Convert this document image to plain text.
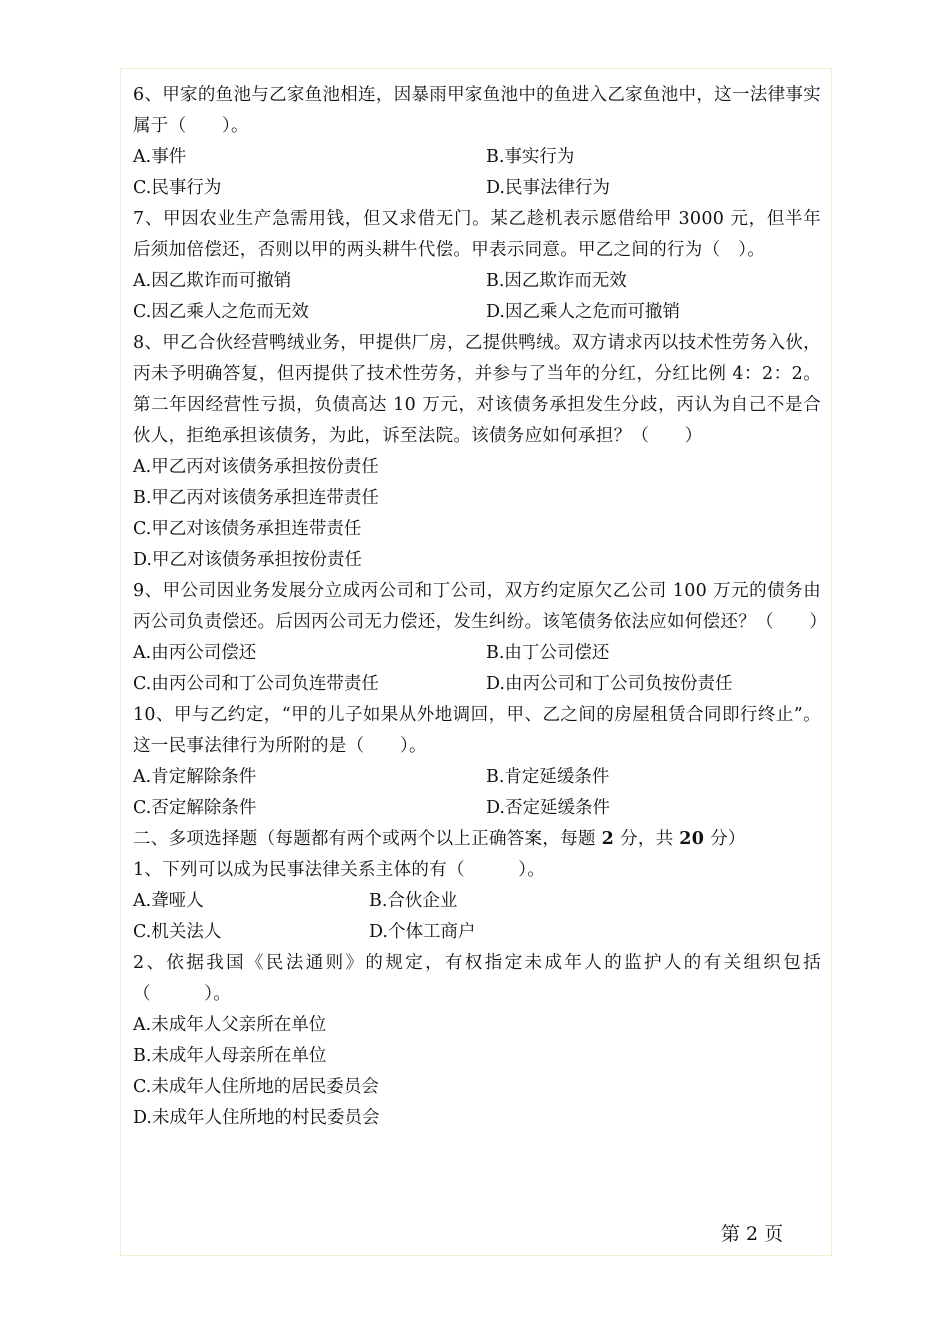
6、甲家的鱼池与乙家鱼池相连，因暴雨甲家鱼池中的鱼进入乙家鱼池中，这一法律事实属于（　　）。

A.事件	B.事实行为
C.民事行为	D.民事法律行为

7、甲因农业生产急需用钱，但又求借无门。某乙趁机表示愿借给甲 3000 元，但半年后须加倍偿还，否则以甲的两头耕牛代偿。甲表示同意。甲乙之间的行为（　）。

A.因乙欺诈而可撤销	B.因乙欺诈而无效
C.因乙乘人之危而无效	D.因乙乘人之危而可撤销

8、甲乙合伙经营鸭绒业务，甲提供厂房，乙提供鸭绒。双方请求丙以技术性劳务入伙，丙未予明确答复，但丙提供了技术性劳务，并参与了当年的分红，分红比例 4：2：2。第二年因经营性亏损，负债高达 10 万元，对该债务承担发生分歧，丙认为自己不是合伙人，拒绝承担该债务，为此，诉至法院。该债务应如何承担？（　　）

A.甲乙丙对该债务承担按份责任
B.甲乙丙对该债务承担连带责任
C.甲乙对该债务承担连带责任
D.甲乙对该债务承担按份责任

9、甲公司因业务发展分立成丙公司和丁公司，双方约定原欠乙公司 100 万元的债务由丙公司负责偿还。后因丙公司无力偿还，发生纠纷。该笔债务依法应如何偿还？（　　）

A.由丙公司偿还	B.由丁公司偿还
C.由丙公司和丁公司负连带责任	D.由丙公司和丁公司负按份责任

10、甲与乙约定，“甲的儿子如果从外地调回，甲、乙之间的房屋租赁合同即行终止”。这一民事法律行为所附的是（　　）。

A.肯定解除条件	B.肯定延缓条件
C.否定解除条件	D.否定延缓条件

二、多项选择题（每题都有两个或两个以上正确答案，每题 2 分，共 20 分）

1、下列可以成为民事法律关系主体的有（　　　）。

A.聋哑人	B.合伙企业
C.机关法人	D.个体工商户

2、依据我国《民法通则》的规定，有权指定未成年人的监护人的有关组织包括（　　　）。

A.未成年人父亲所在单位
B.未成年人母亲所在单位
C.未成年人住所地的居民委员会
D.未成年人住所地的村民委员会
第 2 页
